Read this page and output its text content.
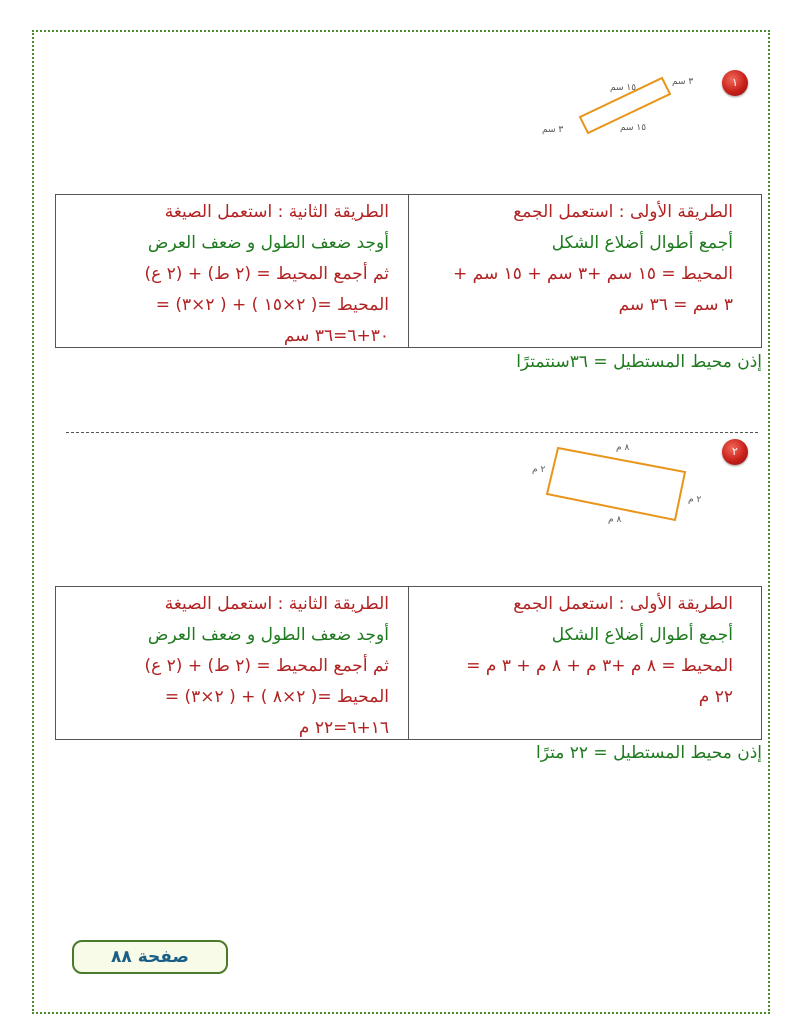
١
١٥ سم
١٥ سم
٣ سم
٣ سم
الطريقة الأولى : استعمل الجمع
أجمع أطوال أضلاع الشكل
المحيط = ١٥ سم +٣ سم + ١٥ سم +
٣ سم = ٣٦ سم
الطريقة الثانية : استعمل الصيغة
أوجد ضعف الطول و ضعف العرض
ثم أجمع المحيط = (٢ ط) + (٢ ع)
المحيط =( ٢×١٥ ) + ( ٢×٣) =
٣٠+٦=٣٦ سم
إذن محيط المستطيل = ٣٦سنتمترًا
٢
٨ م
٨ م
٢ م
٢ م
الطريقة الأولى : استعمل الجمع
أجمع أطوال أضلاع الشكل
المحيط = ٨ م +٣ م + ٨ م + ٣ م =
٢٢ م
الطريقة الثانية : استعمل الصيغة
أوجد ضعف الطول و ضعف العرض
ثم أجمع المحيط = (٢ ط) + (٢ ع)
المحيط =( ٢×٨ ) + ( ٢×٣) =
١٦+٦=٢٢ م
إذن محيط المستطيل = ٢٢ مترًا
صفحة ٨٨
